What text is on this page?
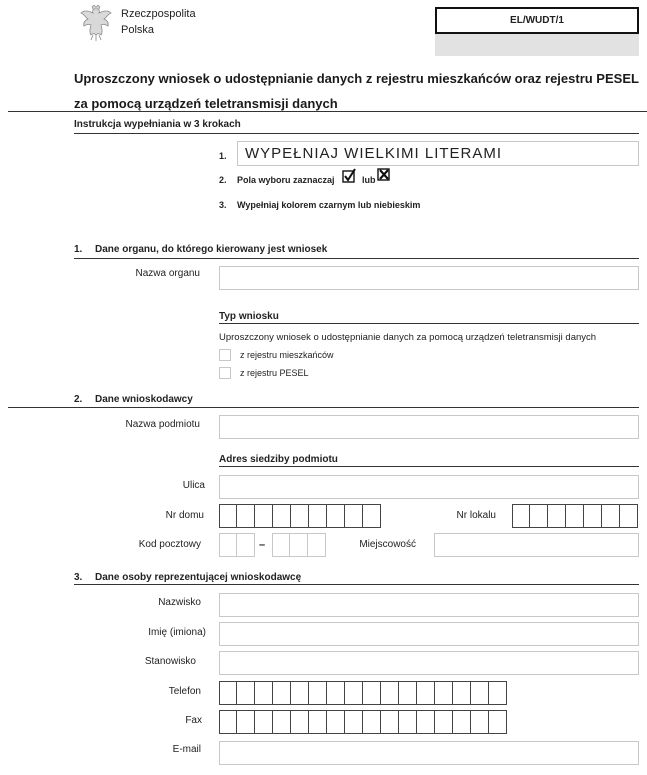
Rzeczpospolita
Polska
EL/WUDT/1
Uproszczony wniosek o udostępnianie danych z rejestru mieszkańców oraz rejestru PESEL
za pomocą urządzeń teletransmisji danych
Instrukcja wypełniania w 3 krokach
1.	WYPEŁNIAJ WIELKIMI LITERAMI
2. Pola wyboru zaznaczaj	lub
3. Wypełniaj kolorem czarnym lub niebieskim
1. Dane organu, do którego kierowany jest wniosek
Nazwa organu
Typ wniosku
Uproszczony wniosek o udostępnianie danych za pomocą urządzeń teletransmisji danych
z rejestru mieszkańców
z rejestru PESEL
2. Dane wnioskodawcy
Nazwa podmiotu
Adres siedziby podmiotu
Ulica
Nr domu	Nr lokalu
Kod pocztowy	–	Miejscowość
3. Dane osoby reprezentującej wnioskodawcę
Nazwisko
Imię (imiona)
Stanowisko
Telefon
Fax
E-mail
